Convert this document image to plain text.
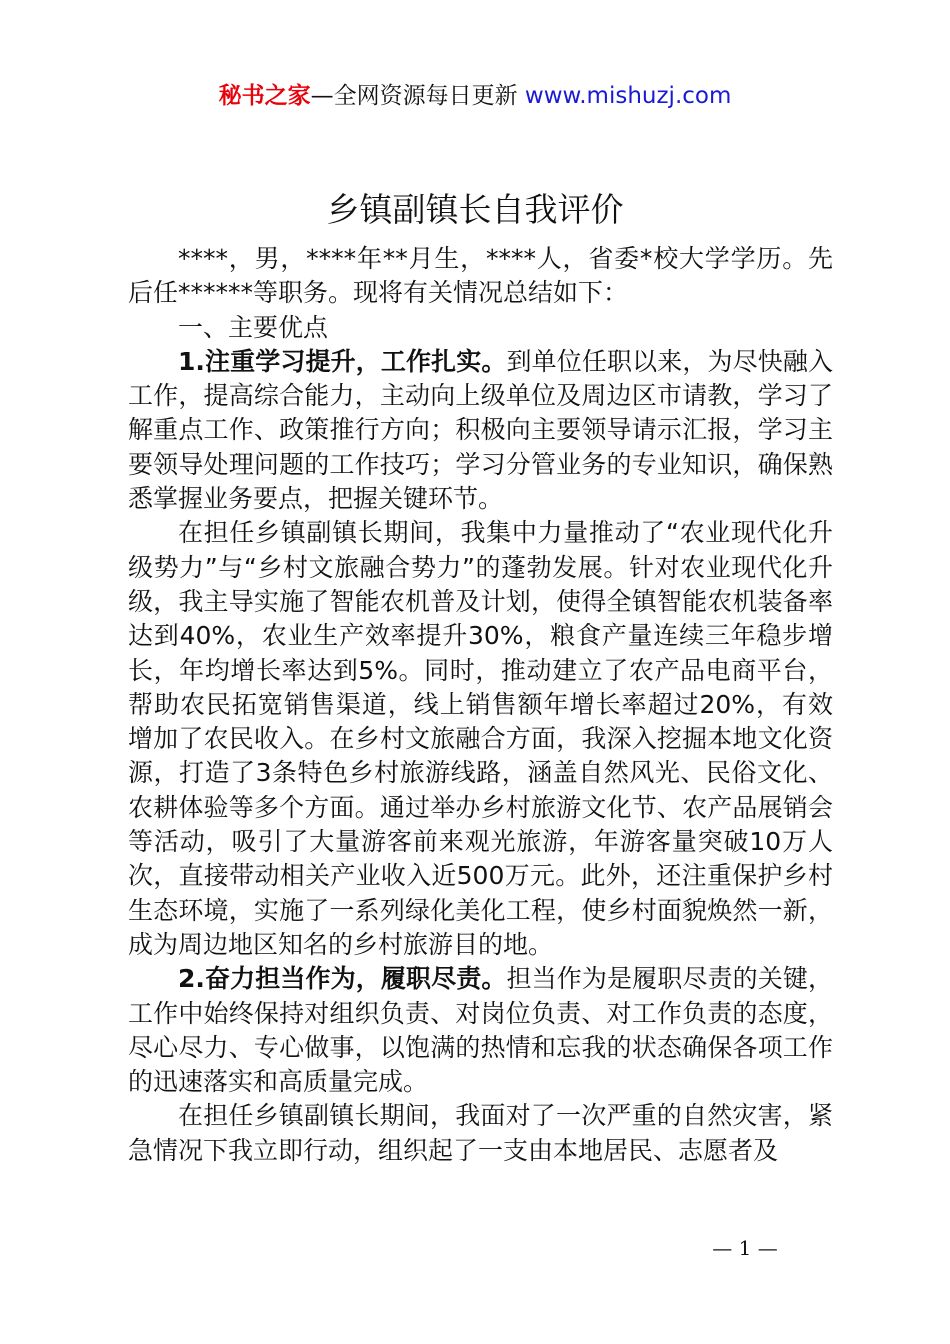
秘书之家—全网资源每日更新 www.mishuzj.com
乡镇副镇长自我评价

****，男，****年**月生，****人，省委*校大学学历。先后任******等职务。现将有关情况总结如下：

一、主要优点

1.注重学习提升，工作扎实。到单位任职以来，为尽快融入工作，提高综合能力，主动向上级单位及周边区市请教，学习了解重点工作、政策推行方向；积极向主要领导请示汇报，学习主要领导处理问题的工作技巧；学习分管业务的专业知识，确保熟悉掌握业务要点，把握关键环节。

在担任乡镇副镇长期间，我集中力量推动了“农业现代化升级势力”与“乡村文旅融合势力”的蓬勃发展。针对农业现代化升级，我主导实施了智能农机普及计划，使得全镇智能农机装备率达到40%，农业生产效率提升30%，粮食产量连续三年稳步增长，年均增长率达到5%。同时，推动建立了农产品电商平台，帮助农民拓宽销售渠道，线上销售额年增长率超过20%，有效增加了农民收入。在乡村文旅融合方面，我深入挖掘本地文化资源，打造了3条特色乡村旅游线路，涵盖自然风光、民俗文化、农耕体验等多个方面。通过举办乡村旅游文化节、农产品展销会等活动，吸引了大量游客前来观光旅游，年游客量突破10万人次，直接带动相关产业收入近500万元。此外，还注重保护乡村生态环境，实施了一系列绿化美化工程，使乡村面貌焕然一新，成为周边地区知名的乡村旅游目的地。

2.奋力担当作为，履职尽责。担当作为是履职尽责的关键，工作中始终保持对组织负责、对岗位负责、对工作负责的态度，尽心尽力、专心做事，以饱满的热情和忘我的状态确保各项工作的迅速落实和高质量完成。

在担任乡镇副镇长期间，我面对了一次严重的自然灾害，紧急情况下我立即行动，组织起了一支由本地居民、志愿者及

— 1 —
